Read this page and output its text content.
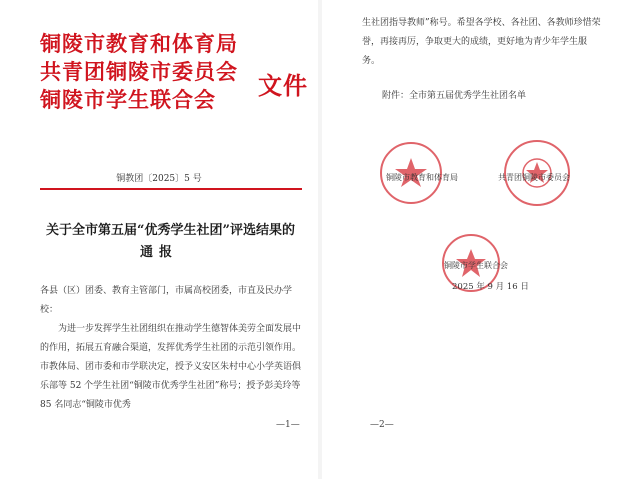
铜陵市教育和体育局
共青团铜陵市委员会
铜陵市学生联合会	文件
铜教团〔2025〕5 号
关于全市第五届“优秀学生社团”评选结果的
通报

各县（区）团委、教育主管部门，市属高校团委，市直及民办学校：

为进一步发挥学生社团组织在推动学生德智体美劳全面发展中的作用，拓展五育融合渠道，发挥优秀学生社团的示范引领作用。市教体局、团市委和市学联决定，授予义安区朱村中心小学英语俱乐部等 52 个学生社团“铜陵市优秀学生社团”称号；授予彭美玲等 85 名同志“铜陵市优秀

—1—

生社团指导教师”称号。希望各学校、各社团、各教师珍惜荣誉，再接再厉，争取更大的成绩，更好地为青少年学生服务。

附件：全市第五届优秀学生社团名单
铜陵市教育和体育局	共青团铜陵市委员会
铜陵市学生联合会
2025 年 9 月 16 日
—2—
